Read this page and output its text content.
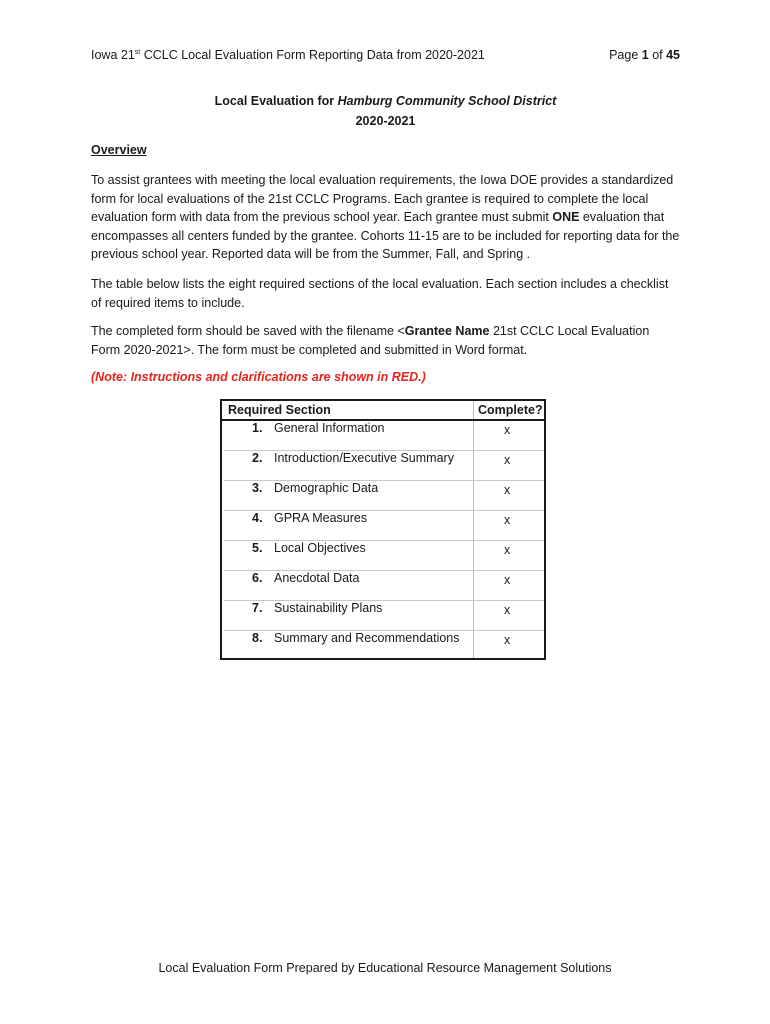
Iowa 21st CCLC Local Evaluation Form Reporting Data from 2020-2021	Page 1 of 45
Local Evaluation for Hamburg Community School District
2020-2021
Overview
To assist grantees with meeting the local evaluation requirements, the Iowa DOE provides a standardized form for local evaluations of the 21st CCLC Programs. Each grantee is required to complete the local evaluation form with data from the previous school year. Each grantee must submit ONE evaluation that encompasses all centers funded by the grantee. Cohorts 11-15 are to be included for reporting data for the previous school year. Reported data will be from the Summer, Fall, and Spring .
The table below lists the eight required sections of the local evaluation. Each section includes a checklist of required items to include.
The completed form should be saved with the filename <Grantee Name 21st CCLC Local Evaluation Form 2020-2021>. The form must be completed and submitted in Word format.
(Note: Instructions and clarifications are shown in RED.)
Required Section	Complete?
1. General Information	x
2. Introduction/Executive Summary	x
3. Demographic Data	x
4. GPRA Measures	x
5. Local Objectives	x
6. Anecdotal Data	x
7. Sustainability Plans	x
8. Summary and Recommendations	x
Local Evaluation Form Prepared by Educational Resource Management Solutions
